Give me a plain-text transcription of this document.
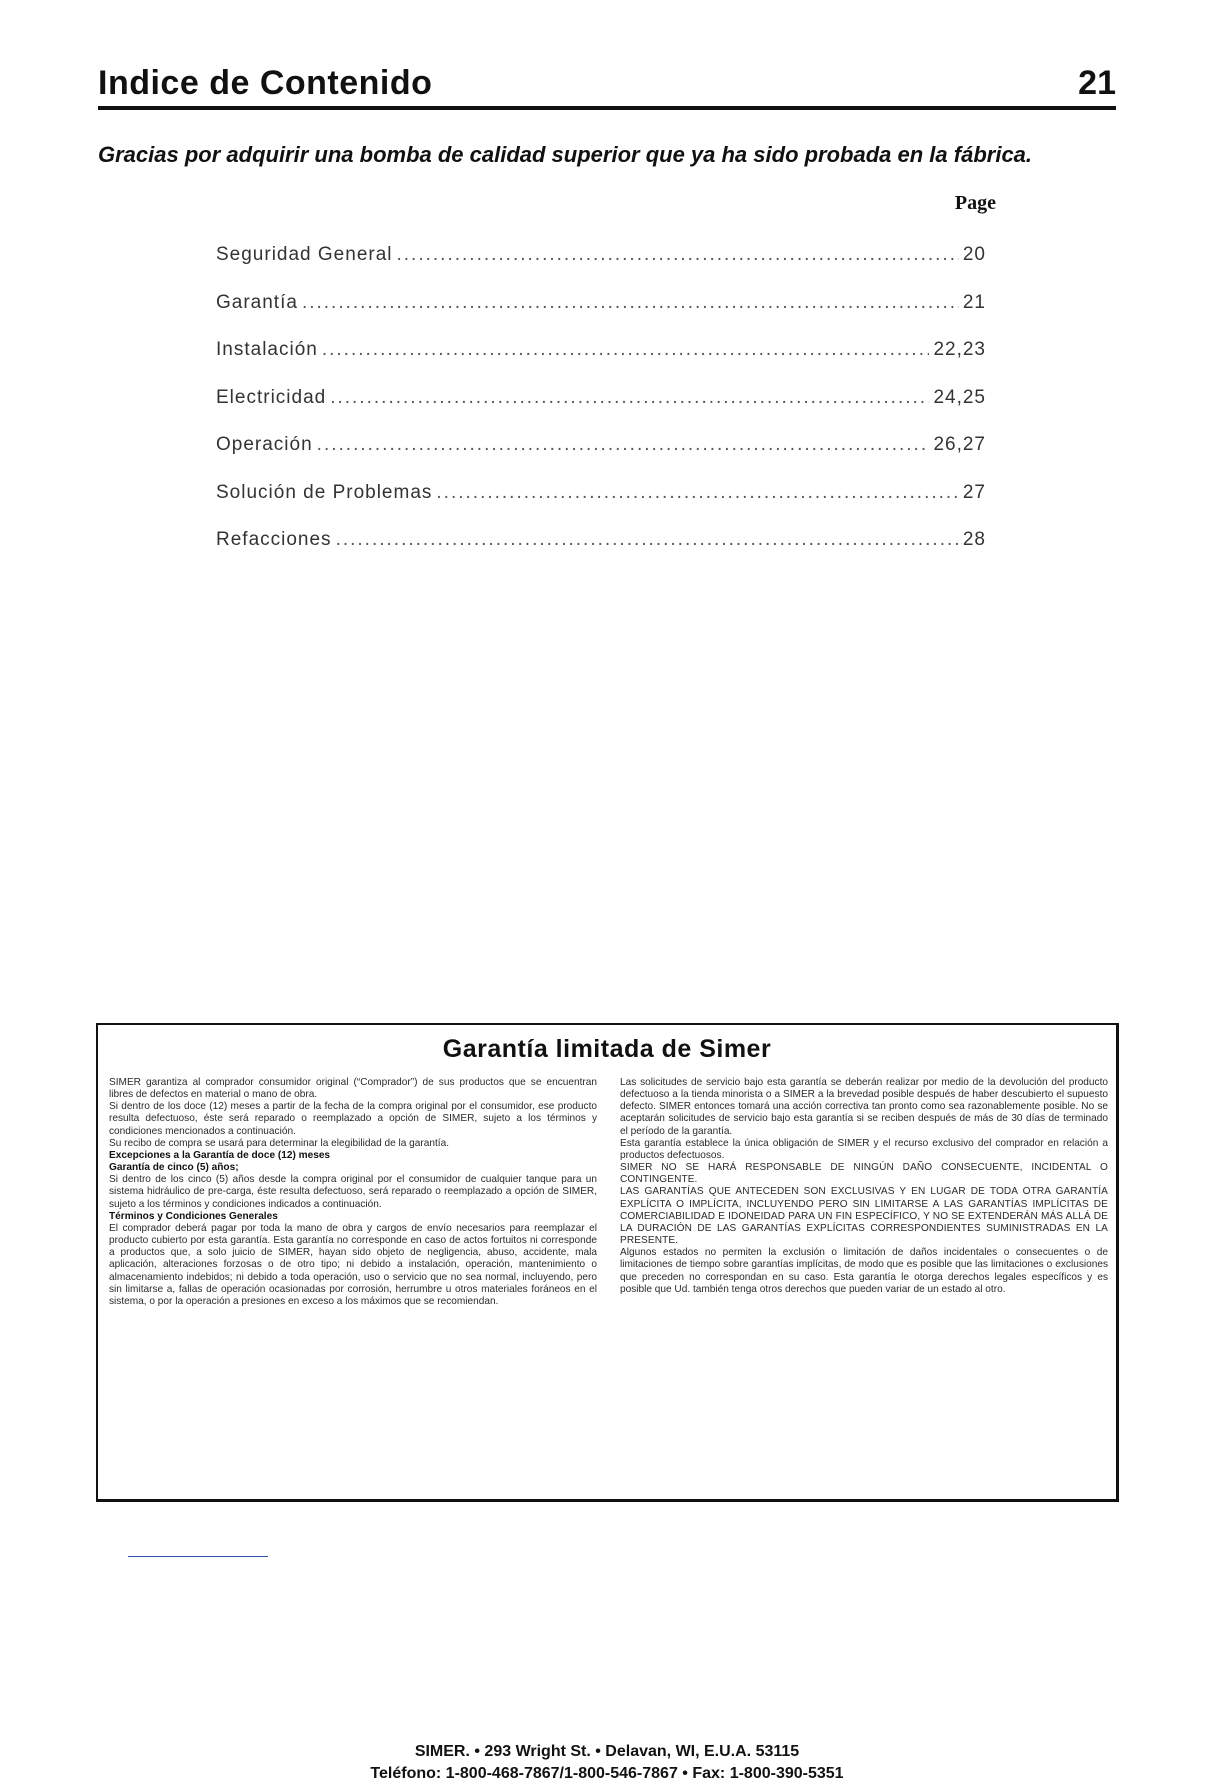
Indice de Contenido	21
Gracias por adquirir una bomba de calidad superior que ya ha sido probada en la fábrica.
Page
Seguridad General .....	20
Garantía .....	21
Instalación .....	22,23
Electricidad .....	24,25
Operación .....	26,27
Solución de Problemas .....	27
Refacciones .....	28
Garantía limitada de Simer

SIMER garantiza al comprador consumidor original (“Comprador”) de sus productos que se encuentran libres de defectos en material o mano de obra.

Si dentro de los doce (12) meses a partir de la fecha de la compra original por el consumidor, ese producto resulta defectuoso, éste será reparado o reemplazado a opción de SIMER, sujeto a los términos y condiciones mencionados a continuación.

Su recibo de compra se usará para determinar la elegibilidad de la garantía.

Excepciones a la Garantía de doce (12) meses

Garantía de cinco (5) años;

Si dentro de los cinco (5) años desde la compra original por el consumidor de cualquier tanque para un sistema hidráulico de pre-carga, éste resulta defectuoso, será reparado o reemplazado a opción de SIMER, sujeto a los términos y condiciones indicados a continuación.

Términos y Condiciones Generales

El comprador deberá pagar por toda la mano de obra y cargos de envío necesarios para reemplazar el producto cubierto por esta garantía. Esta garantía no corresponde en caso de actos fortuitos ni corresponde a productos que, a solo juicio de SIMER, hayan sido objeto de negligencia, abuso, accidente, mala aplicación, alteraciones forzosas o de otro tipo; ni debido a instalación, operación, mantenimiento o almacenamiento indebidos; ni debido a toda operación, uso o servicio que no sea normal, incluyendo, pero sin limitarse a, fallas de operación ocasionadas por corrosión, herrumbre u otros materiales foráneos en el sistema, o por la operación a presiones en exceso a los máximos que se recomiendan.

Las solicitudes de servicio bajo esta garantía se deberán realizar por medio de la devolución del producto defectuoso a la tienda minorista o a SIMER a la brevedad posible después de haber descubierto el supuesto defecto. SIMER entonces tomará una acción correctiva tan pronto como sea razonablemente posible. No se aceptarán solicitudes de servicio bajo esta garantía si se reciben después de más de 30 días de terminado el período de la garantía.

Esta garantía establece la única obligación de SIMER y el recurso exclusivo del comprador en relación a productos defectuosos.

SIMER NO SE HARÁ RESPONSABLE DE NINGÚN DAÑO CONSECUENTE, INCIDENTAL O CONTINGENTE.

LAS GARANTÍAS QUE ANTECEDEN SON EXCLUSIVAS Y EN LUGAR DE TODA OTRA GARANTÍA EXPLÍCITA O IMPLÍCITA, INCLUYENDO PERO SIN LIMITARSE A LAS GARANTÍAS IMPLÍCITAS DE COMERCIABILIDAD E IDONEIDAD PARA UN FIN ESPECÍFICO, Y NO SE EXTENDERÁN MÁS ALLÁ DE LA DURACIÓN DE LAS GARANTÍAS EXPLÍCITAS CORRESPONDIENTES SUMINISTRADAS EN LA PRESENTE.

Algunos estados no permiten la exclusión o limitación de daños incidentales o consecuentes o de limitaciones de tiempo sobre garantías implícitas, de modo que es posible que las limitaciones o exclusiones que preceden no correspondan en su caso. Esta garantía le otorga derechos legales específicos y es posible que Ud. también tenga otros derechos que pueden variar de un estado al otro.

SIMER. • 293 Wright St. • Delavan, WI, E.U.A. 53115
Teléfono: 1-800-468-7867/1-800-546-7867 • Fax: 1-800-390-5351
